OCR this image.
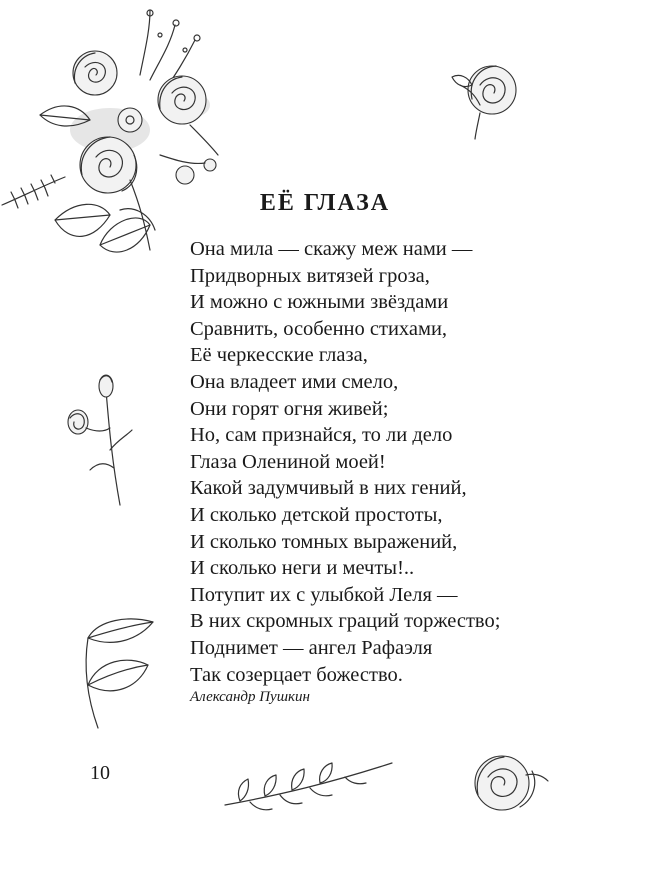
ЕЁ ГЛАЗА
Она мила — скажу меж нами —
Придворных витязей гроза,
И можно с южными звёздами
Сравнить, особенно стихами,
Её черкесские глаза,
Она владеет ими смело,
Они горят огня живей;
Но, сам признайся, то ли дело
Глаза Олениной моей!
Какой задумчивый в них гений,
И сколько детской простоты,
И сколько томных выражений,
И сколько неги и мечты!..
Потупит их с улыбкой Леля —
В них скромных граций торжество;
Поднимет — ангел Рафаэля
Так созерцает божество.
Александр Пушкин
10
